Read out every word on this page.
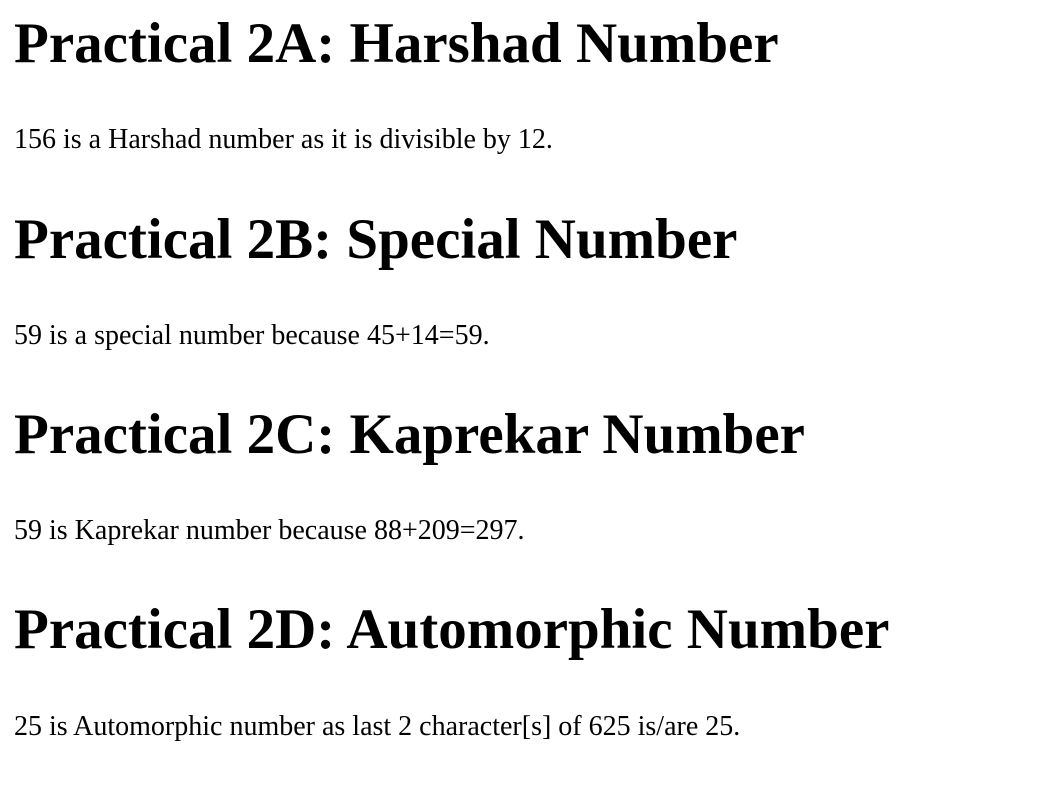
Practical 2A: Harshad Number

156 is a Harshad number as it is divisible by 12.

Practical 2B: Special Number

59 is a special number because 45+14=59.

Practical 2C: Kaprekar Number

59 is Kaprekar number because 88+209=297.

Practical 2D: Automorphic Number

25 is Automorphic number as last 2 character[s] of 625 is/are 25.
